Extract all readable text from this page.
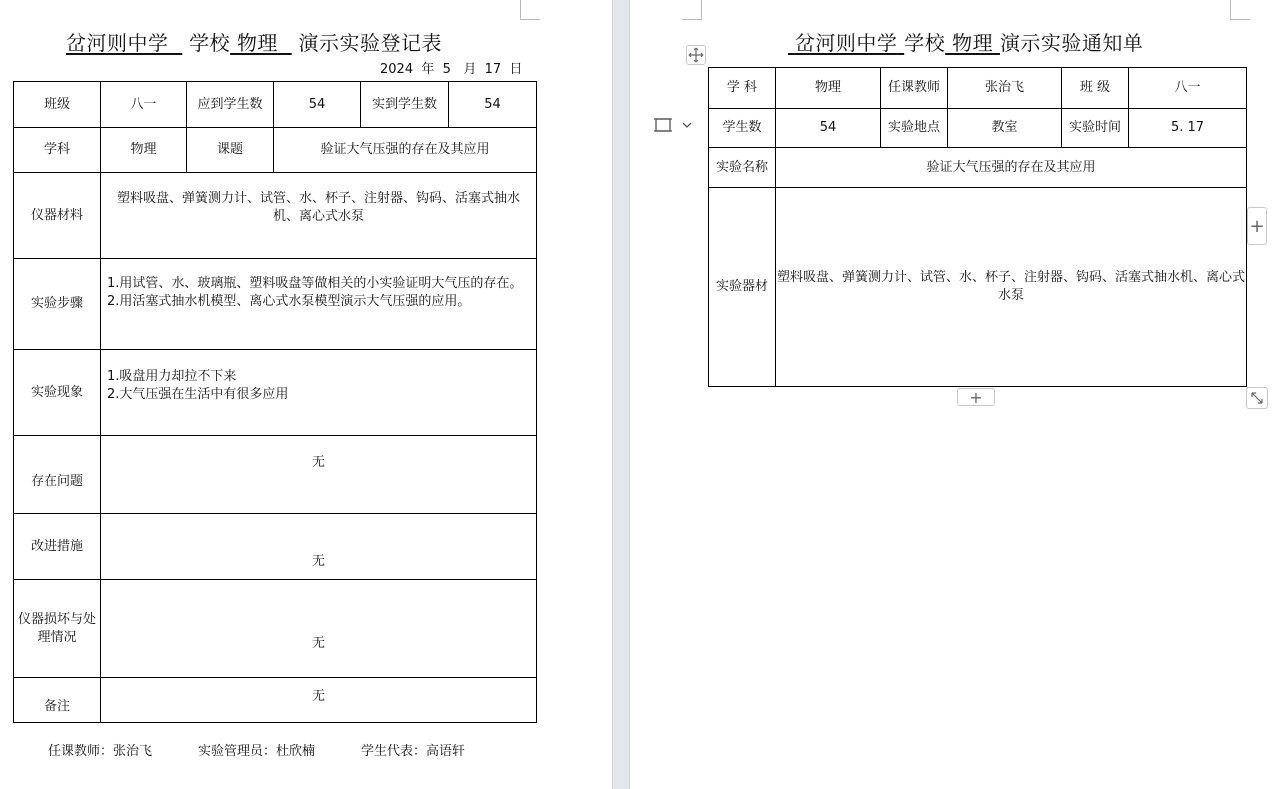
岔河则中学 学校 物理 演示实验登记表
2024 年 5 月 17 日
班级	八一	应到学生数	54	实到学生数	54
学科	物理	课题	验证大气压强的存在及其应用		
仪器材料	塑料吸盘、弹簧测力计、试管、水、杯子、注射器、钩码、活塞式抽水机、离心式水泵				
实验步骤	1.用试管、水、玻璃瓶、塑料吸盘等做相关的小实验证明大气压的存在。
2.用活塞式抽水机模型、离心式水泵模型演示大气压强的应用。				

实验现象	1.吸盘用力却拉不下来
2.大气压强在生活中有很多应用				

存在问题	无				
改进措施	无				
仪器损坏与处理情况	无				
备注	无				
任课教师：张治飞	实验管理员：杜欣楠	学生代表：高语轩
岔河则中学 学校 物理 演示实验通知单
学 科	物理	任课教师	张治飞	班 级	八一
学生数	54	实验地点	教室	实验时间	5. 17
实验名称	验证大气压强的存在及其应用				
实验器材	塑料吸盘、弹簧测力计、试管、水、杯子、注射器、钩码、活塞式抽水机、离心式水泵				
+
+
